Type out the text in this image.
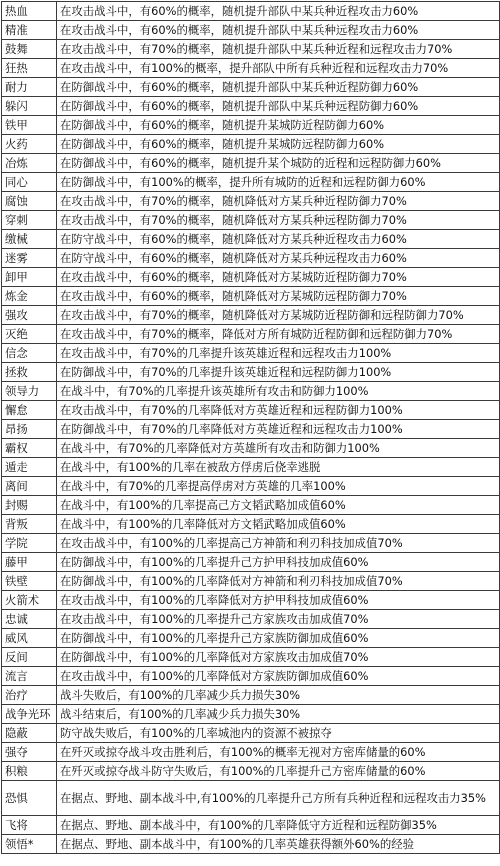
热血	在攻击战斗中，有60%的概率，随机提升部队中某兵种近程攻击力60%
精准	在攻击战斗中，有60%的概率，随机提升部队中某兵种远程攻击力60%
鼓舞	在攻击战斗中，有70%的概率，随机提升部队中某兵种近程和远程攻击力70%
狂热	在攻击战斗中，有100%的概率，提升部队中所有兵种近程和远程攻击力70%
耐力	在防御战斗中，有60%的概率，随机提升部队中某兵种近程防御力60%
躲闪	在防御战斗中，有60%的概率，随机提升部队中某兵种远程防御力60%
铁甲	在防御战斗中，有60%的概率，随机提升某城防近程防御力60%
火药	在防御战斗中，有60%的概率，随机提升某城防远程防御力60%
冶炼	在防御战斗中，有60%的概率，随机提升某个城防的近程和远程防御力60%
同心	在防御战斗中，有100%的概率，提升所有城防的近程和远程防御力60%
腐蚀	在攻击战斗中，有70%的概率，随机降低对方某兵种近程防御力70%
穿刺	在攻击战斗中，有70%的概率，随机降低对方某兵种远程防御力70%
缴械	在防守战斗中，有60%的概率，随机降低对方某兵种近程攻击力60%
迷雾	在防守战斗中，有60%的概率，随机降低对方某兵种远程攻击力60%
卸甲	在攻击战斗中，有60%的概率，随机降低对方某城防近程防御力70%
炼金	在攻击战斗中，有60%的概率，随机降低对方某城防远程防御力70%
强攻	在攻击战斗中，有70%的概率，随机降低对方某城防近程防御和远程防御力70%
灭绝	在攻击战斗中，有70%的概率，降低对方所有城防近程防御和远程防御力70%
信念	在攻击战斗中，有70%的几率提升该英雄近程和远程攻击力100%
拯救	在防御战斗中，有70%的几率提升该英雄近程和远程防御力100%
领导力	在战斗中，有70%的几率提升该英雄所有攻击和防御力100%
懈怠	在攻击战斗中，有70%的几率降低对方英雄近程和远程防御力100%
昂扬	在防御战斗中，有70%的几率降低对方英雄近程和远程攻击力100%
霸权	在战斗中，有70%的几率降低对方英雄所有攻击和防御力100%
遁走	在战斗中，有100%的几率在被敌方俘虏后侥幸逃脱
离间	在战斗中，有70%的几率提高俘虏对方英雄的几率100%
封赐	在战斗中，有100%的几率提高己方文韬武略加成值60%
背叛	在战斗中，有100%的几率降低对方文韬武略加成值60%
学院	在攻击战斗中，有100%的几率提高己方神箭和利刃科技加成值70%
藤甲	在防御战斗中，有100%的几率提升己方护甲科技加成值60%
铁壁	在防御战斗中，有100%的几率降低对方神箭和利刃科技加成值70%
火箭术	在攻击战斗中，有100%的几率降低对方护甲科技加成值60%
忠诚	在攻击战斗中，有100%的几率提升己方家族攻击加成值70%
威风	在防御战斗中，有100%的几率提升己方家族防御加成值60%
反间	在防御战斗中，有100%的几率降低对方家族攻击加成值70%
流言	在攻击战斗中，有100%的几率降低对方家族防御加成值60%
治疗	战斗失败后，有100%的几率减少兵力损失30%
战争光环	战斗结束后，有100%的几率减少兵力损失30%
隐蔽	防守战失败后，有100%的几率城池内的资源不被掠夺
强夺	在歼灭或掠夺战斗攻击胜利后，有100%的概率无视对方密库储量的60%
积粮	在歼灭或掠夺战斗防守失败后，有100%的几率提升己方密库储量的60%
恐惧	在据点、野地、副本战斗中,有100%的几率提升己方所有兵种近程和远程攻击力35%
飞将	在据点、野地、副本战斗中，有100%的几率降低守方近程和远程防御35%
领悟*	在据点、野地、副本战斗中，有100%的几率英雄获得额外60%的经验
